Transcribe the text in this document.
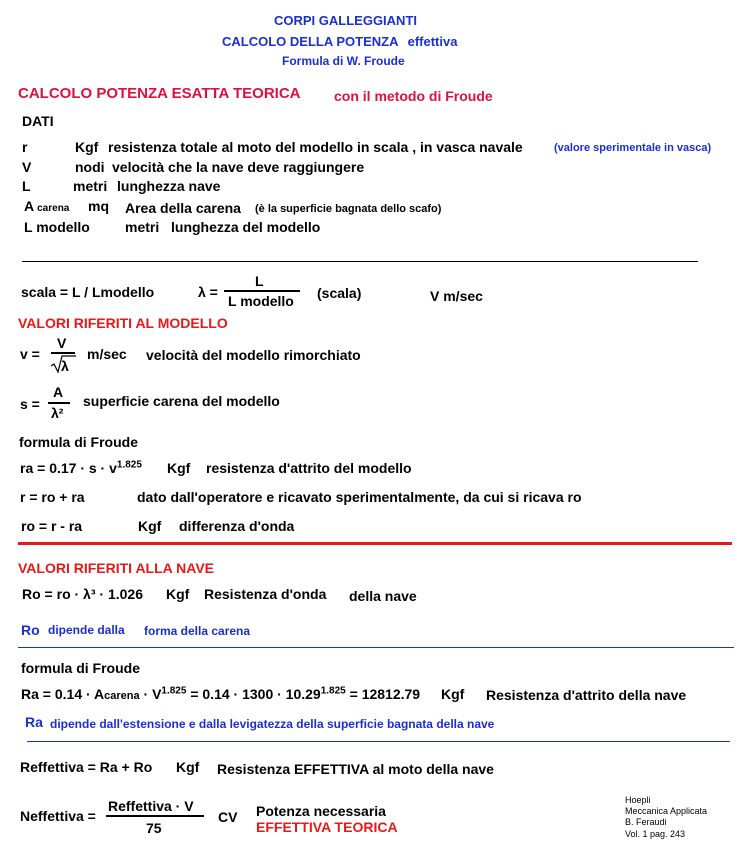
CORPI GALLEGGIANTI
CALCOLO DELLA POTENZA effettiva
Formula di W. Froude
CALCOLO POTENZA ESATTA TEORICA con il metodo di Froude
DATI
r	Kgf resistenza totale al moto del modello in scala , in vasca navale	(valore sperimentale in vasca)
V	nodi velocità che la nave deve raggiungere
L	metri lunghezza nave
A carena mq Area della carena (è la superficie bagnata dello scafo)
L modello	metri lunghezza del modello
scala = L / Lmodello	λ =
L
L modello (scala)	V m/sec
VALORI RIFERITI AL MODELLO
v =
V
λ
m/sec velocità del modello rimorchiato
s =
A
λ²
superficie carena del modello
formula di Froude
ra = $0.17 \cdot s \cdot v^{1.825}$ Kgf resistenza d'attrito del modello
r = ro + ra	dato dall'operatore e ricavato sperimentalmente, da cui si ricava ro
ro = r - ra	Kgf differenza d'onda
VALORI RIFERITI ALLA NAVE
Ro = ro · λ³ · 1.026 Kgf Resistenza d'onda della nave
Ro dipende dalla forma della carena
formula di Froude
Ra = 0.14 · Acarena · $V^{1.825} = 0.14 \cdot 1300 \cdot 10.29^{1.825} = 12812.79$ Kgf Resistenza d'attrito della nave
Ra dipende dall'estensione e dalla levigatezza della superficie bagnata della nave
Reffettiva = Ra + Ro Kgf Resistenza EFFETTIVA al moto della nave
Neffettiva =
Reffettiva · V
75
CV Potenza necessaria
EFFETTIVA TEORICA
Hoepli
Meccanica Applicata
B. Feraudi
Vol. 1 pag. 243
